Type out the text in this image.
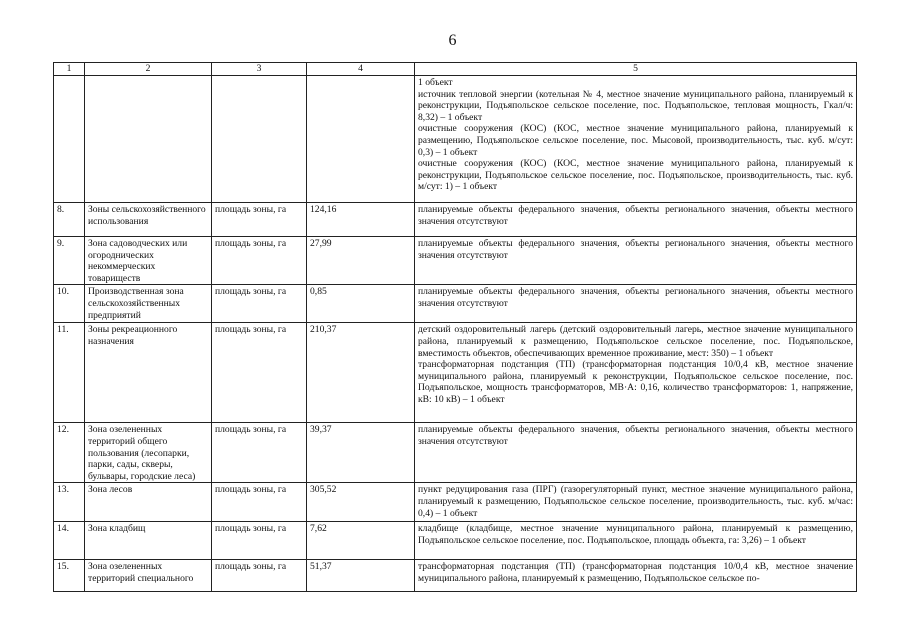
6
1	2	3	4	5

				1 объект
источник тепловой энергии (котельная № 4, местное значение муниципального района, планируемый к реконструкции, Подъяпольское сельское поселение, пос. Подъяпольское, тепловая мощность, Гкал/ч: 8,32) – 1 объект
очистные сооружения (КОС) (КОС, местное значение муниципального района, планируемый к размещению, Подъяпольское сельское поселение, пос. Мысовой, производительность, тыс. куб. м/сут: 0,3) – 1 объект
очистные сооружения (КОС) (КОС, местное значение муниципального района, планируемый к реконструкции, Подъяпольское сельское поселение, пос. Подъяпольское, производительность, тыс. куб. м/сут: 1) – 1 объект

8.	Зоны сельскохозяйственного использования	площадь зоны, га	124,16	планируемые объекты федерального значения, объекты регионального значения, объекты местного значения отсутствуют

9.	Зона садоводческих или огороднических некоммерческих товариществ	площадь зоны, га	27,99	планируемые объекты федерального значения, объекты регионального значения, объекты местного значения отсутствуют

10.	Производственная зона сельскохозяйственных предприятий	площадь зоны, га	0,85	планируемые объекты федерального значения, объекты регионального значения, объекты местного значения отсутствуют

11.	Зоны рекреационного назначения	площадь зоны, га	210,37	детский оздоровительный лагерь (детский оздоровительный лагерь, местное значение муниципального района, планируемый к размещению, Подъяпольское сельское поселение, пос. Подъяпольское, вместимость объектов, обеспечивающих временное проживание, мест: 350) – 1 объект
трансформаторная подстанция (ТП) (трансформаторная подстанция 10/0,4 кВ, местное значение муниципального района, планируемый к реконструкции, Подъяпольское сельское поселение, пос. Подъяпольское, мощность трансформаторов, МВ·А: 0,16, количество трансформаторов: 1, напряжение, кВ: 10 кВ) – 1 объект

12.	Зона озелененных территорий общего пользования (лесопарки, парки, сады, скверы, бульвары, городские леса)	площадь зоны, га	39,37	планируемые объекты федерального значения, объекты регионального значения, объекты местного значения отсутствуют

13.	Зона лесов	площадь зоны, га	305,52	пункт редуцирования газа (ПРГ) (газорегуляторный пункт, местное значение муниципального района, планируемый к размещению, Подъяпольское сельское поселение, производительность, тыс. куб. м/час: 0,4) – 1 объект

14.	Зона кладбищ	площадь зоны, га	7,62	кладбище (кладбище, местное значение муниципального района, планируемый к размещению, Подъяпольское сельское поселение, пос. Подъяпольское, площадь объекта, га: 3,26) – 1 объект

15.	Зона озелененных территорий специального	площадь зоны, га	51,37	трансформаторная подстанция (ТП) (трансформаторная подстанция 10/0,4 кВ, местное значение муниципального района, планируемый к размещению, Подъяпольское сельское по-
